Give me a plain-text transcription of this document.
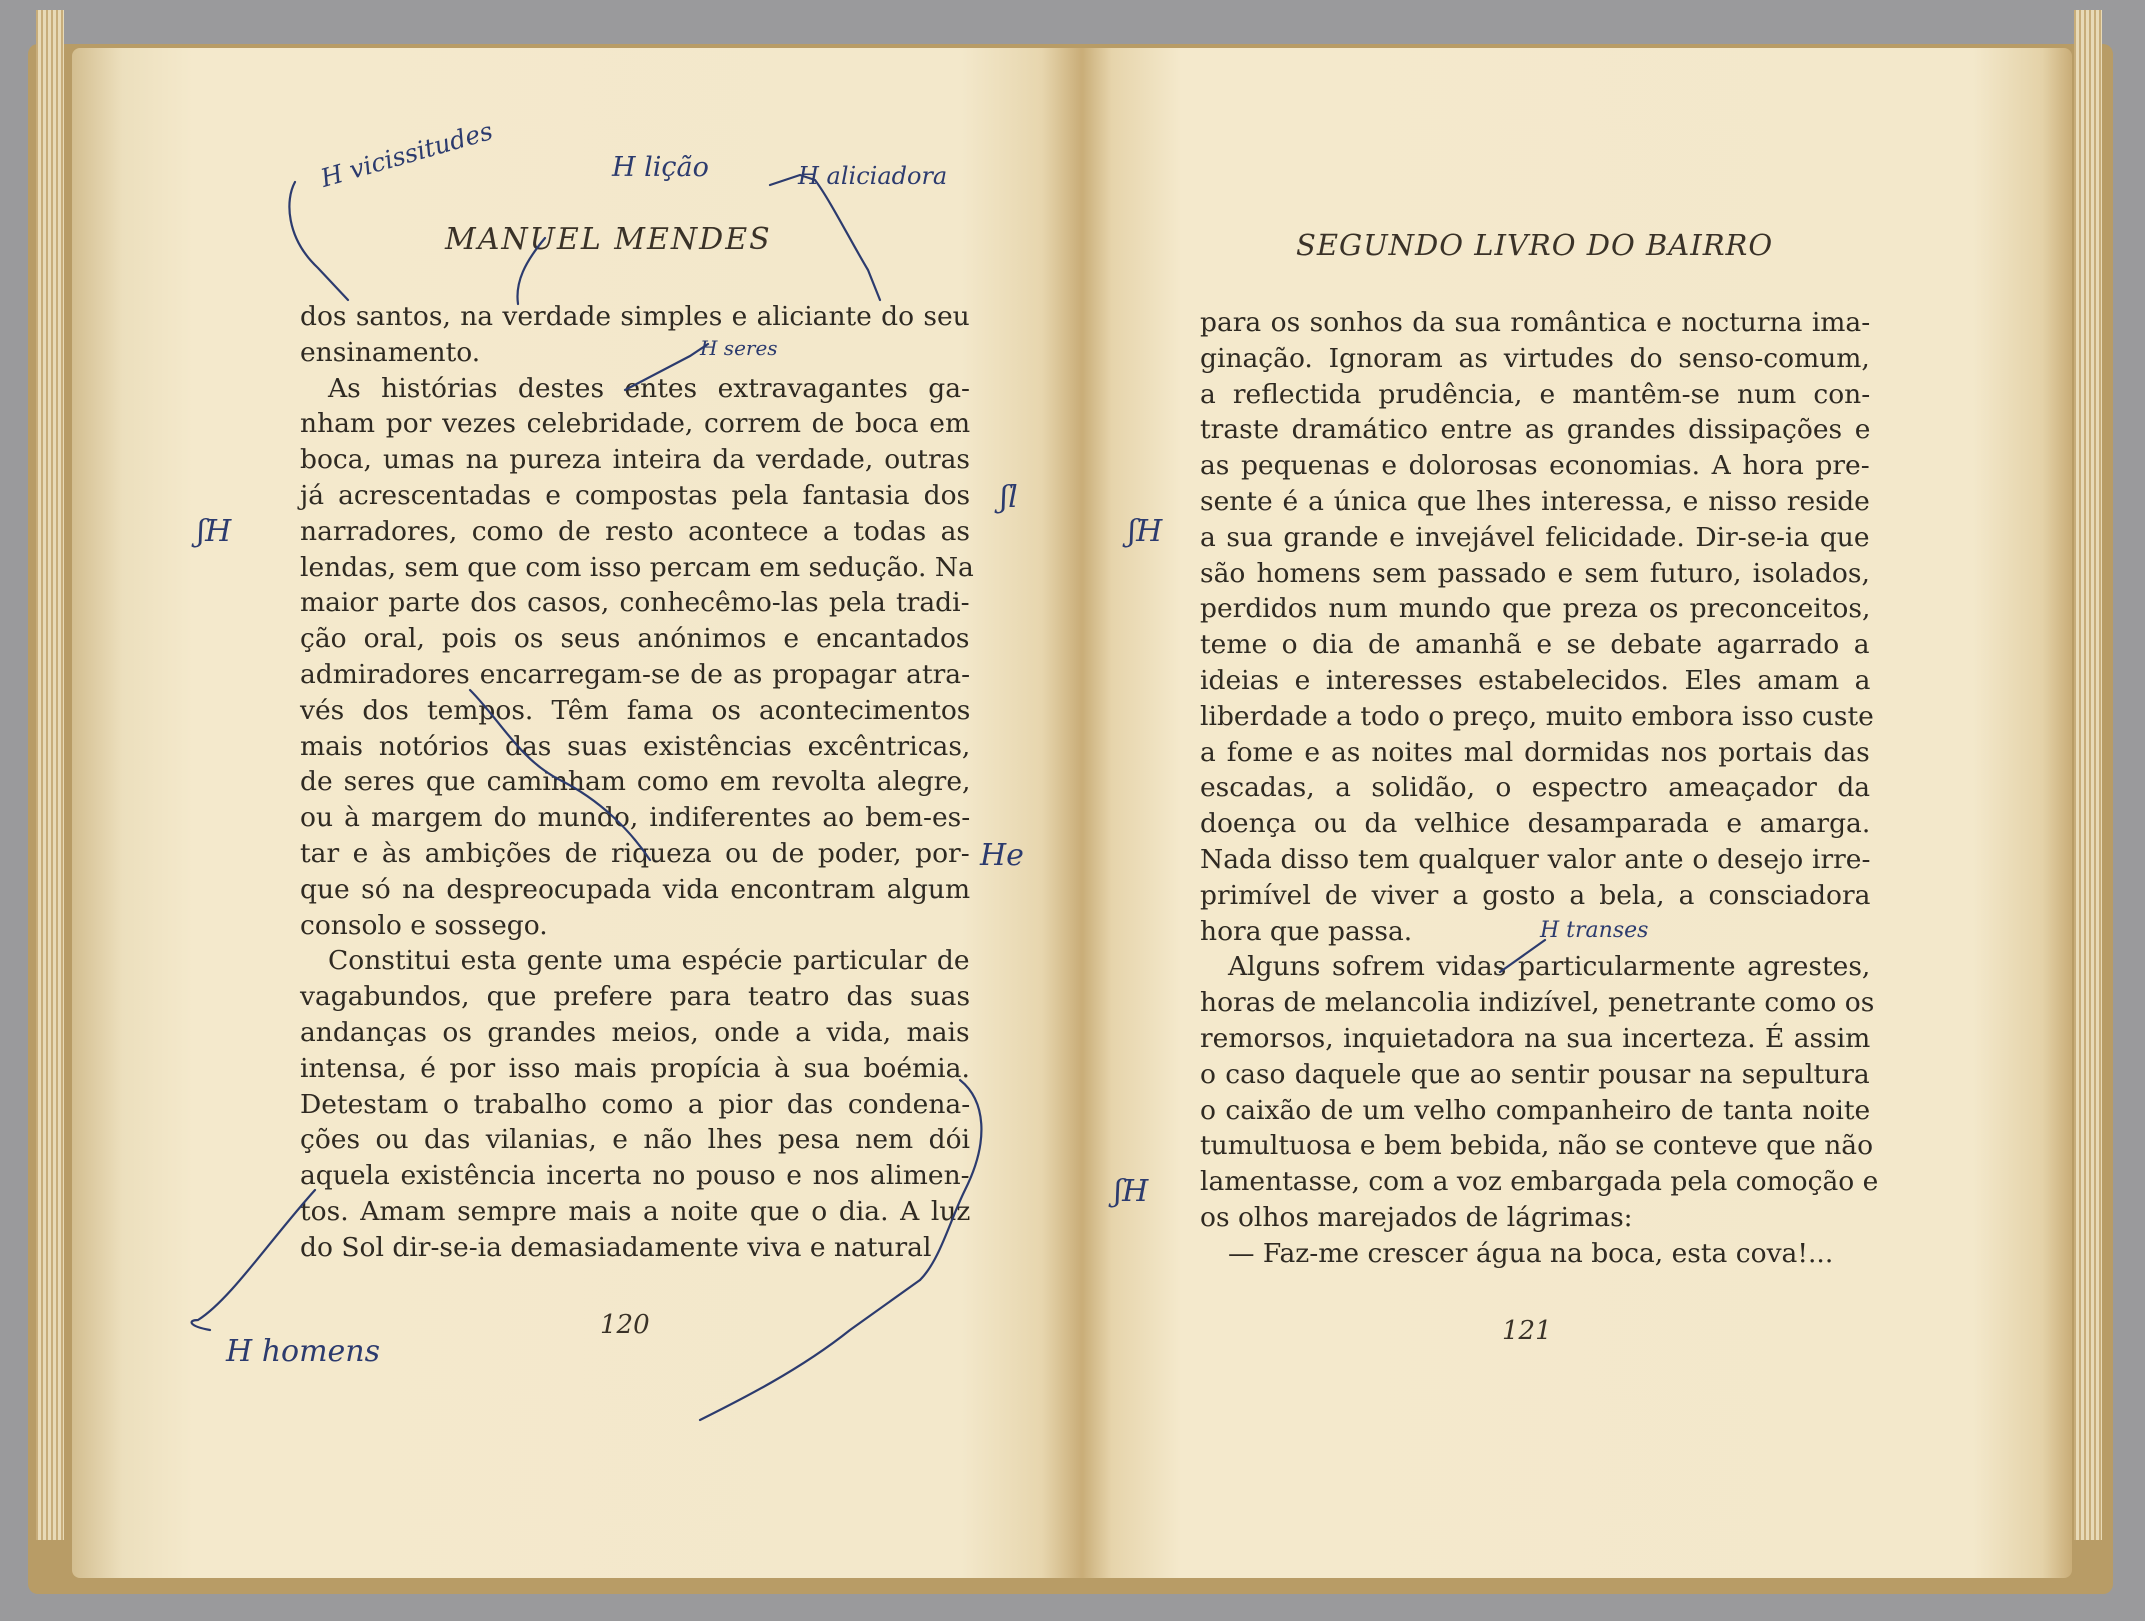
MANUEL MENDES	SEGUNDO LIVRO DO BAIRRO
dos santos, na verdade simples e aliciante do seu
ensinamento.
As histórias destes entes extravagantes ga-
nham por vezes celebridade, correm de boca em
boca, umas na pureza inteira da verdade, outras
já acrescentadas e compostas pela fantasia dos
narradores, como de resto acontece a todas as
lendas, sem que com isso percam em sedução. Na
maior parte dos casos, conhecêmo-las pela tradi-
ção oral, pois os seus anónimos e encantados
admiradores encarregam-se de as propagar atra-
vés dos tempos. Têm fama os acontecimentos
mais notórios das suas existências excêntricas,
de seres que caminham como em revolta alegre,
ou à margem do mundo, indiferentes ao bem-es-
tar e às ambições de riqueza ou de poder, por-
que só na despreocupada vida encontram algum
consolo e sossego.
Constitui esta gente uma espécie particular de
vagabundos, que prefere para teatro das suas
andanças os grandes meios, onde a vida, mais
intensa, é por isso mais propícia à sua boémia.
Detestam o trabalho como a pior das condena-
ções ou das vilanias, e não lhes pesa nem dói
aquela existência incerta no pouso e nos alimen-
tos. Amam sempre mais a noite que o dia. A luz
do Sol dir-se-ia demasiadamente viva e natural
para os sonhos da sua romântica e nocturna ima-
ginação. Ignoram as virtudes do senso-comum,
a reflectida prudência, e mantêm-se num con-
traste dramático entre as grandes dissipações e
as pequenas e dolorosas economias. A hora pre-
sente é a única que lhes interessa, e nisso reside
a sua grande e invejável felicidade. Dir-se-ia que
são homens sem passado e sem futuro, isolados,
perdidos num mundo que preza os preconceitos,
teme o dia de amanhã e se debate agarrado a
ideias e interesses estabelecidos. Eles amam a
liberdade a todo o preço, muito embora isso custe
a fome e as noites mal dormidas nos portais das
escadas, a solidão, o espectro ameaçador da
doença ou da velhice desamparada e amarga.
Nada disso tem qualquer valor ante o desejo irre-
primível de viver a gosto a bela, a consciadora
hora que passa.
Alguns sofrem vidas particularmente agrestes,
horas de melancolia indizível, penetrante como os
remorsos, inquietadora na sua incerteza. É assim
o caso daquele que ao sentir pousar na sepultura
o caixão de um velho companheiro de tanta noite
tumultuosa e bem bebida, não se conteve que não
lamentasse, com a voz embargada pela comoção e
os olhos marejados de lágrimas:
— Faz-me crescer água na boca, esta cova!...
120	121
H vicissitudes	H lição	H aliciadora
H seres
ʃl
ʃH
He
H homens
H transes
ʃH
ʃH
